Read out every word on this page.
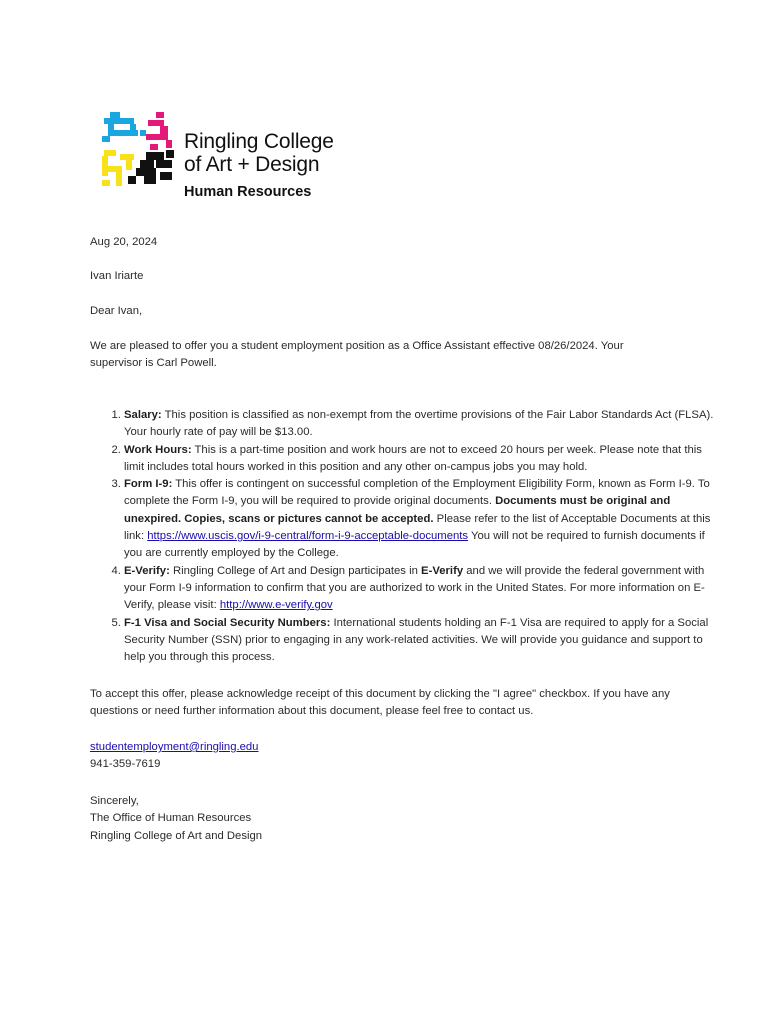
Ringling College
of Art + Design
Human Resources

Aug 20, 2024

Ivan Iriarte

Dear Ivan,

We are pleased to offer you a student employment position as a Office Assistant effective 08/26/2024. Your supervisor is Carl Powell.

1. Salary: This position is classified as non-exempt from the overtime provisions of the Fair Labor Standards Act (FLSA). Your hourly rate of pay will be $13.00.
2. Work Hours: This is a part-time position and work hours are not to exceed 20 hours per week. Please note that this limit includes total hours worked in this position and any other on-campus jobs you may hold.
3. Form I-9: This offer is contingent on successful completion of the Employment Eligibility Form, known as Form I-9. To complete the Form I-9, you will be required to provide original documents. Documents must be original and unexpired. Copies, scans or pictures cannot be accepted. Please refer to the list of Acceptable Documents at this link: https://www.uscis.gov/i-9-central/form-i-9-acceptable-documents You will not be required to furnish documents if you are currently employed by the College.
4. E-Verify: Ringling College of Art and Design participates in E-Verify and we will provide the federal government with your Form I-9 information to confirm that you are authorized to work in the United States. For more information on E-Verify, please visit: http://www.e-verify.gov
5. F-1 Visa and Social Security Numbers: International students holding an F-1 Visa are required to apply for a Social Security Number (SSN) prior to engaging in any work-related activities. We will provide you guidance and support to help you through this process.

To accept this offer, please acknowledge receipt of this document by clicking the "I agree" checkbox. If you have any questions or need further information about this document, please feel free to contact us.

studentemployment@ringling.edu
941-359-7619
Sincerely,
The Office of Human Resources
Ringling College of Art and Design
